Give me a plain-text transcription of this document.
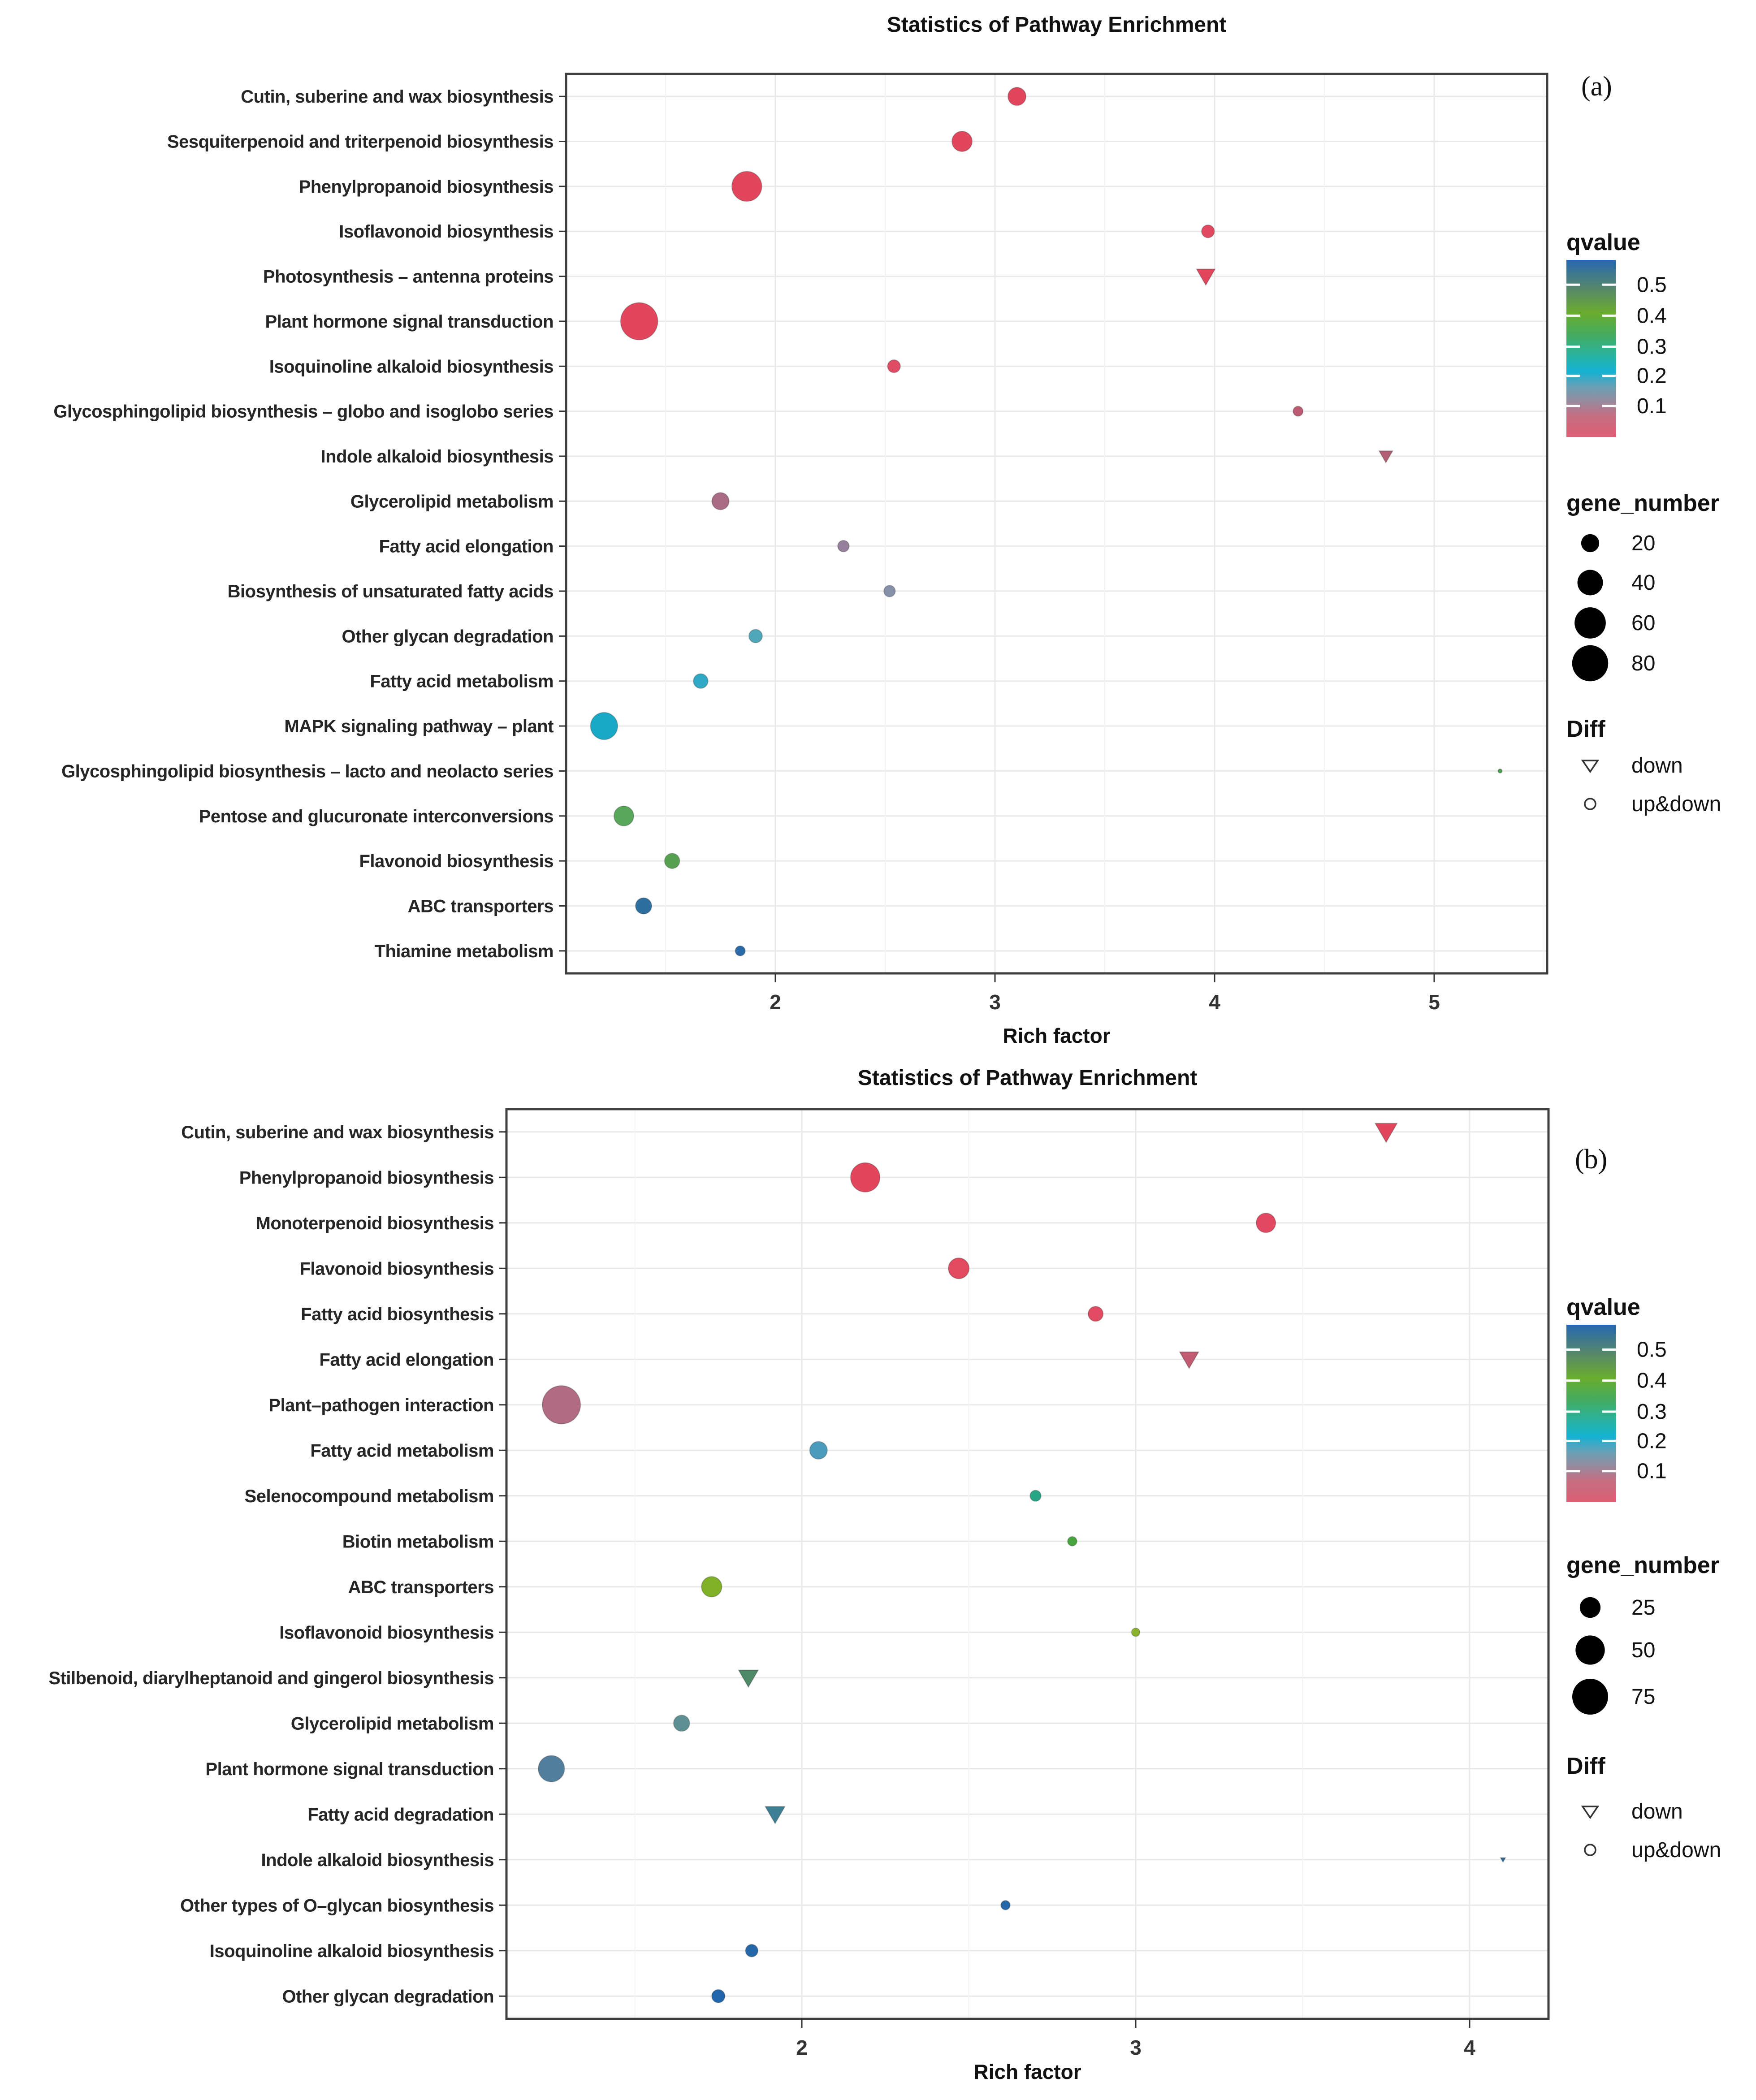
Cutin, suberine and wax biosynthesis
Sesquiterpenoid and triterpenoid biosynthesis
Phenylpropanoid biosynthesis
Isoflavonoid biosynthesis
Photosynthesis – antenna proteins
Plant hormone signal transduction
Isoquinoline alkaloid biosynthesis
Glycosphingolipid biosynthesis – globo and isoglobo series
Indole alkaloid biosynthesis
Glycerolipid metabolism
Fatty acid elongation
Biosynthesis of unsaturated fatty acids
Other glycan degradation
Fatty acid metabolism
MAPK signaling pathway – plant
Glycosphingolipid biosynthesis – lacto and neolacto series
Pentose and glucuronate interconversions
Flavonoid biosynthesis
ABC transporters
Thiamine metabolism
2	3	4	5
qvalue
0.5
0.4
0.3
0.2
0.1
gene_number
20
40
60
80
Diff
down
up&down
Cutin, suberine and wax biosynthesis
Phenylpropanoid biosynthesis
Monoterpenoid biosynthesis
Flavonoid biosynthesis
Fatty acid biosynthesis
Fatty acid elongation
Plant–pathogen interaction
Fatty acid metabolism
Selenocompound metabolism
Biotin metabolism
ABC transporters
Isoflavonoid biosynthesis
Stilbenoid, diarylheptanoid and gingerol biosynthesis
Glycerolipid metabolism
Plant hormone signal transduction
Fatty acid degradation
Indole alkaloid biosynthesis
Other types of O–glycan biosynthesis
Isoquinoline alkaloid biosynthesis
Other glycan degradation
2	3	4
qvalue
0.5
0.4
0.3
0.2
0.1
gene_number
25
50
75
Diff
down
up&down
Statistics of Pathway Enrichment
Statistics of Pathway Enrichment
Rich factor
Rich factor
(a)
(b)
